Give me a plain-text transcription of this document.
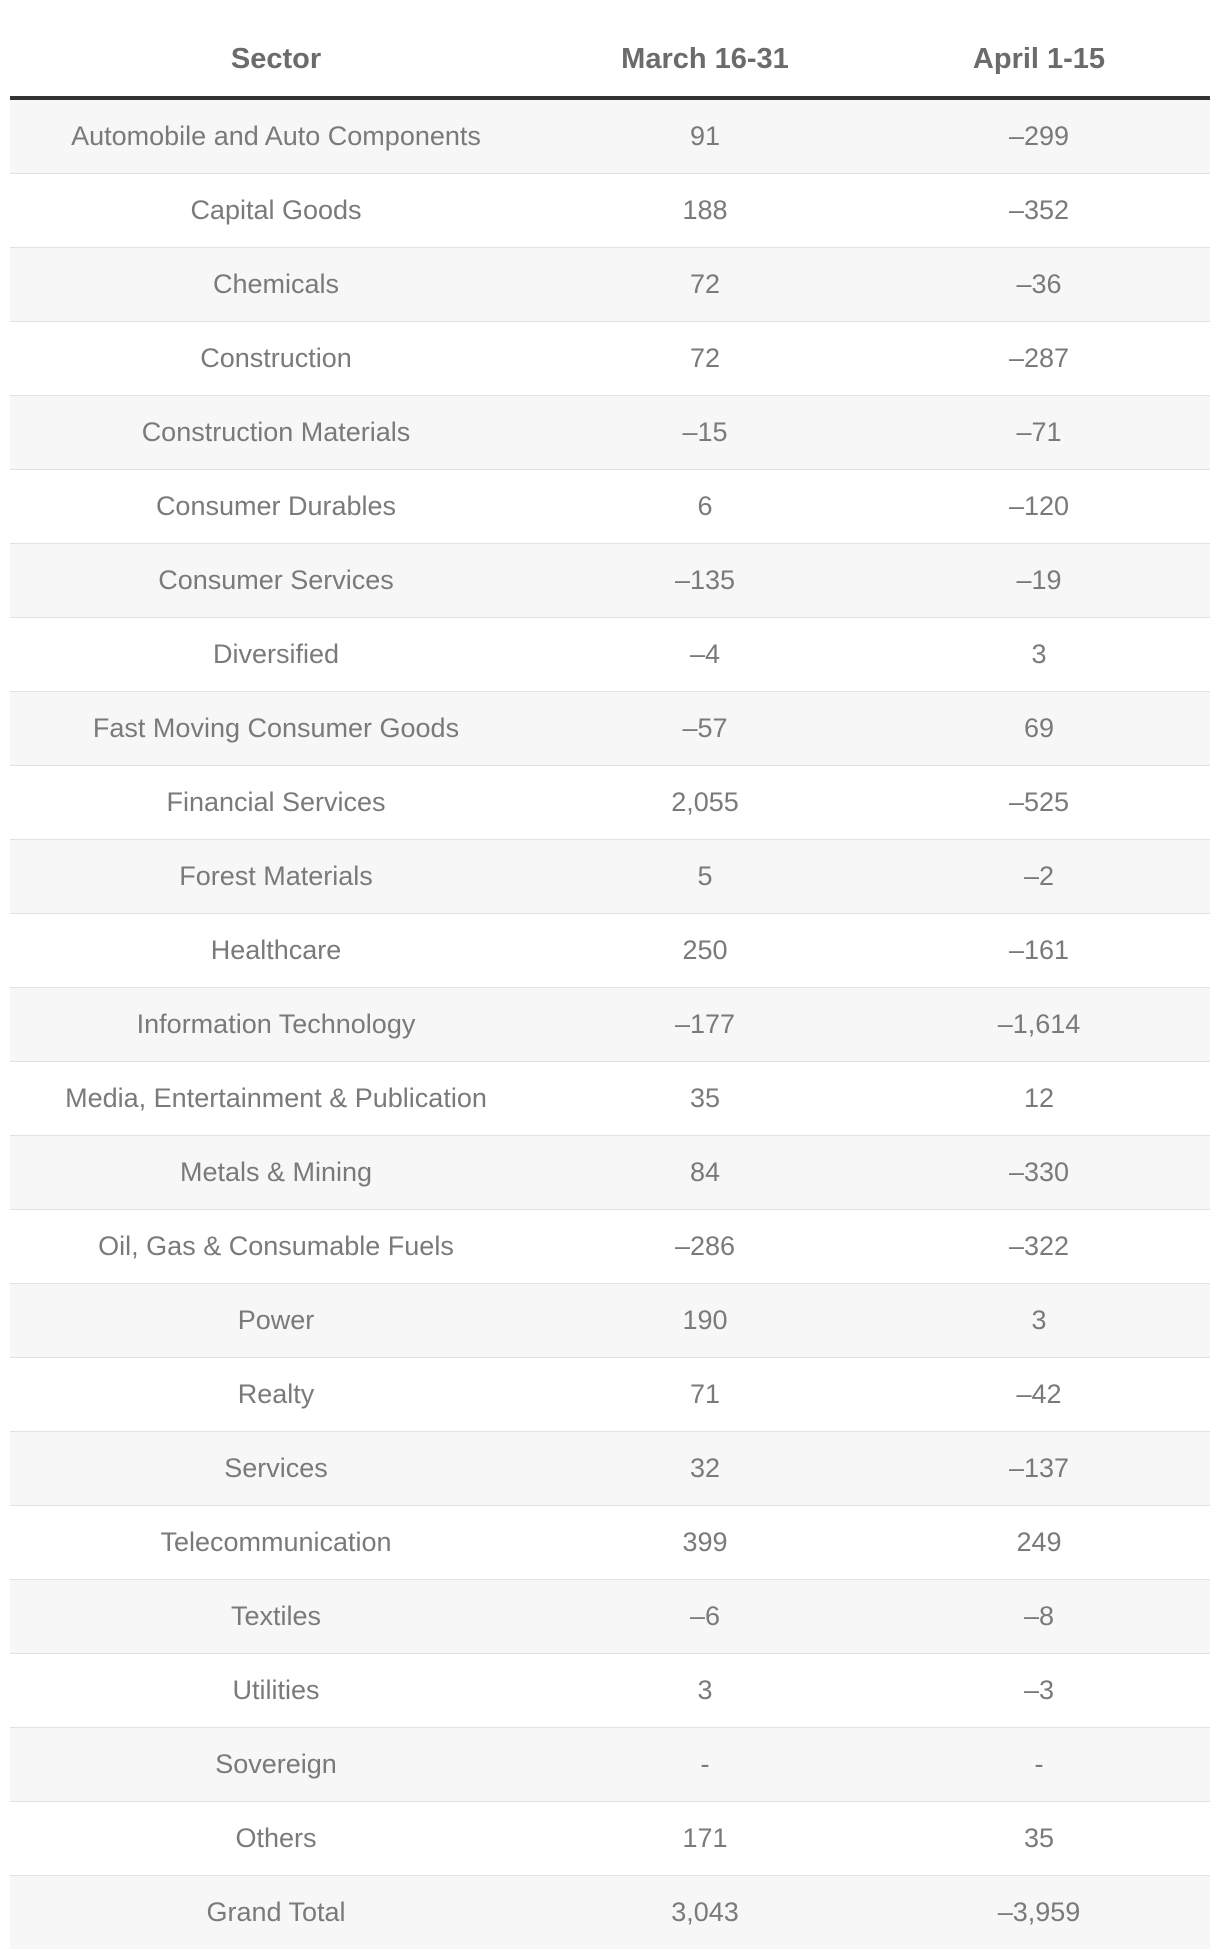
Sector	March 16-31	April 1-15
Automobile and Auto Components	91	–299
Capital Goods	188	–352
Chemicals	72	–36
Construction	72	–287
Construction Materials	–15	–71
Consumer Durables	6	–120
Consumer Services	–135	–19
Diversified	–4	3
Fast Moving Consumer Goods	–57	69
Financial Services	2,055	–525
Forest Materials	5	–2
Healthcare	250	–161
Information Technology	–177	–1,614
Media, Entertainment & Publication	35	12
Metals & Mining	84	–330
Oil, Gas & Consumable Fuels	–286	–322
Power	190	3
Realty	71	–42
Services	32	–137
Telecommunication	399	249
Textiles	–6	–8
Utilities	3	–3
Sovereign	-	-
Others	171	35
Grand Total	3,043	–3,959
